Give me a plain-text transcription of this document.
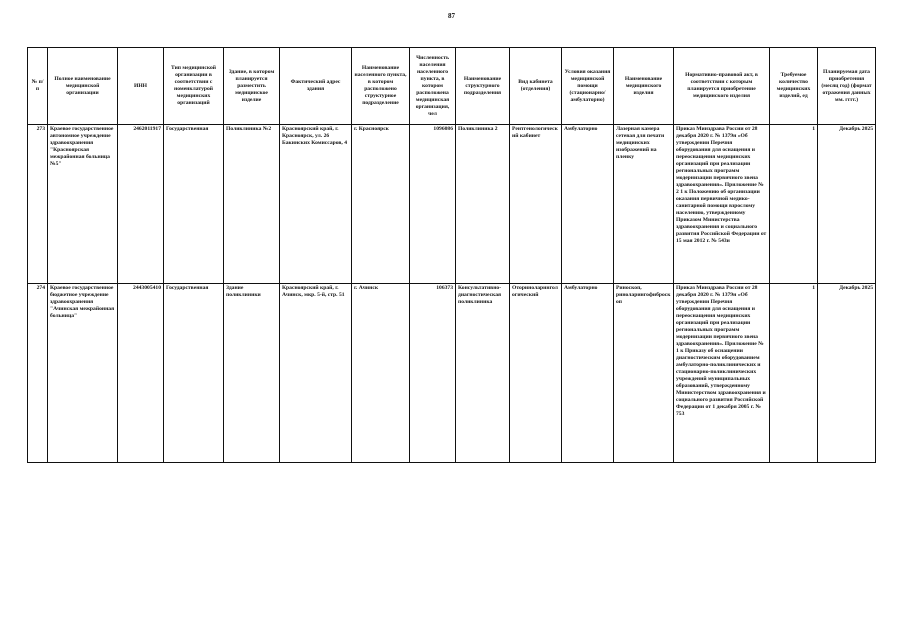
87
№ п/п	Полное наименование медицинской организации	ИНН	Тип медицинской организации в соответствии с номенклатурой медицинских организаций	Здание, в котором планируется разместить медицинское изделие	Фактический адрес здания	Наименование населенного пункта, в котором расположено структурное подразделение	Численность населения населенного пункта, в котором расположена медицинская организация, чел	Наименование структурного подразделения	Вид кабинета (отделения)	Условия оказания медицинской помощи (стационарно/ амбулаторно)	Наименование медицинского изделия	Нормативно-правовой акт, в соответствии с которым планируется приобретение медицинского изделия	Требуемое количество медицинских изделий, ед	Планируемая дата приобретения (месяц год) (формат отражения данных мм. гггг.)
273	Краевое государственное автономное учреждение здравоохранения "Красноярская межрайонная больница №5"	2462011917	Государственная	Поликлиника №2	Красноярский край, г. Красноярск, ул. 26 Бакинских Комиссаров, 4	г. Красноярск	1096086	Поликлиника 2	Рентгенологический кабинет	Амбулаторно	Лазерная камера сетевая для печати медицинских изображений на пленку	Приказ Минздрава России от 28 декабря 2020 г. № 1379н «Об утверждении Перечня оборудования для оснащения и переоснащения медицинских организаций при реализации региональных программ модернизации первичного звена здравоохранения». Приложение № 2 1 к Положению об организации оказания первичной медико-санитарной помощи взрослому населению, утвержденному Приказом Министерства здравоохранения и социального развития Российской Федерации от 15 мая 2012 г. № 543н	1	Декабрь 2025
274	Краевое государственное бюджетное учреждение здравоохранения "Ачинская межрайонная больница"	2443005410	Государственная	Здание поликлиники	Красноярский край, г. Ачинск, мкр. 5-й, стр. 51	г. Ачинск	106373	Консультативно-диагностическая поликлиника	Оториноларингологический	Амбулаторно	Риноскоп, риноларингофиброскоп	Приказ Минздрава России от 28 декабря 2020 г. № 1379н «Об утверждении Перечня оборудования для оснащения и переоснащения медицинских организаций при реализации региональных программ модернизации первичного звена здравоохранения». Приложение № 1 к Приказу об оснащении диагностическим оборудованием амбулаторно-поликлинических и стационарно-поликлинических учреждений муниципальных образований, утвержденному Министерством здравоохранения и социального развития Российской Федерации от 1 декабря 2005 г. № 753	1	Декабрь 2025
